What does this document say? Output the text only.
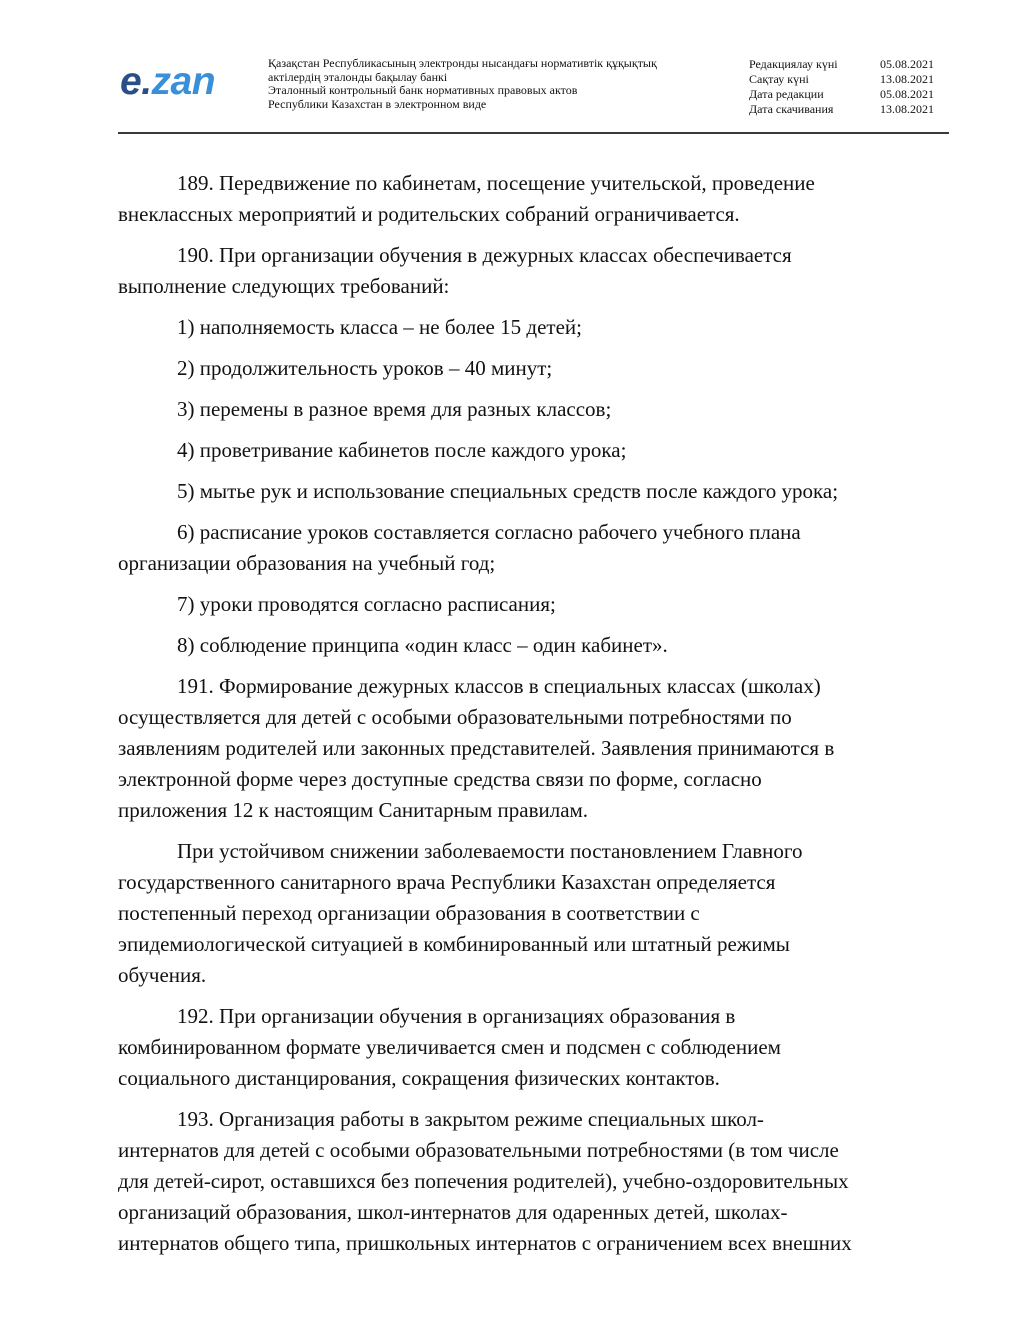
e.zan	Қазақстан Республикасының электронды нысандағы нормативтік құқықтық
актілердің эталонды бақылау банкі
Эталонный контрольный банк нормативных правовых актов
Республики Казахстан в электронном виде
Редакциялау күні	05.08.2021
Сақтау күні	13.08.2021
Дата редакции	05.08.2021
Дата скачивания	13.08.2021

189. Передвижение по кабинетам, посещение учительской, проведение
внеклассных мероприятий и родительских собраний ограничивается.

190. При организации обучения в дежурных классах обеспечивается
выполнение следующих требований:

1) наполняемость класса – не более 15 детей;

2) продолжительность уроков – 40 минут;

3) перемены в разное время для разных классов;

4) проветривание кабинетов после каждого урока;

5) мытье рук и использование специальных средств после каждого урока;

6) расписание уроков составляется согласно рабочего учебного плана
организации образования на учебный год;

7) уроки проводятся согласно расписания;

8) соблюдение принципа «один класс – один кабинет».

191. Формирование дежурных классов в специальных классах (школах)
осуществляется для детей с особыми образовательными потребностями по
заявлениям родителей или законных представителей. Заявления принимаются в
электронной форме через доступные средства связи по форме, согласно
приложения 12 к настоящим Санитарным правилам.

При устойчивом снижении заболеваемости постановлением Главного
государственного санитарного врача Республики Казахстан определяется
постепенный переход организации образования в соответствии с
эпидемиологической ситуацией в комбинированный или штатный режимы
обучения.

192. При организации обучения в организациях образования в
комбинированном формате увеличивается смен и подсмен с соблюдением
социального дистанцирования, сокращения физических контактов.

193. Организация работы в закрытом режиме специальных школ-
интернатов для детей с особыми образовательными потребностями (в том числе
для детей-сирот, оставшихся без попечения родителей), учебно-оздоровительных
организаций образования, школ-интернатов для одаренных детей, школах-
интернатов общего типа, пришкольных интернатов с ограничением всех внешних
